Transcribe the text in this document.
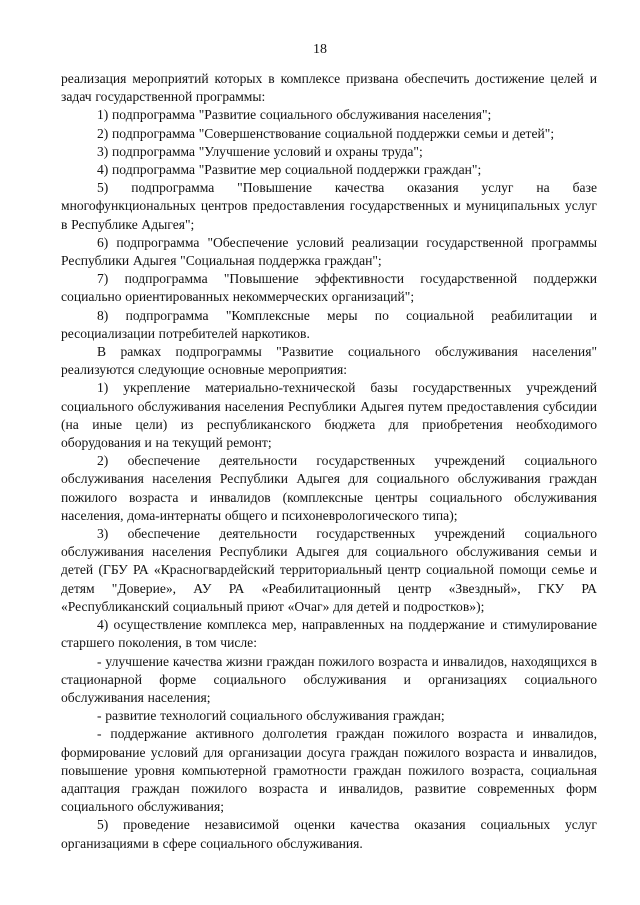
18

реализация мероприятий которых в комплексе призвана обеспечить достижение целей и задач государственной программы:

1) подпрограмма "Развитие социального обслуживания населения";

2) подпрограмма "Совершенствование социальной поддержки семьи и детей";

3) подпрограмма "Улучшение условий и охраны труда";

4) подпрограмма "Развитие мер социальной поддержки граждан";

5) подпрограмма "Повышение качества оказания услуг на базе многофункциональных центров предоставления государственных и муниципальных услуг в Республике Адыгея";

6) подпрограмма "Обеспечение условий реализации государственной программы Республики Адыгея "Социальная поддержка граждан";

7) подпрограмма "Повышение эффективности государственной поддержки социально ориентированных некоммерческих организаций";

8) подпрограмма "Комплексные меры по социальной реабилитации и ресоциализации потребителей наркотиков.

В рамках подпрограммы "Развитие социального обслуживания населения" реализуются следующие основные мероприятия:

1) укрепление материально-технической базы государственных учреждений социального обслуживания населения Республики Адыгея путем предоставления субсидии (на иные цели) из республиканского бюджета для приобретения необходимого оборудования и на текущий ремонт;

2) обеспечение деятельности государственных учреждений социального обслуживания населения Республики Адыгея для социального обслуживания граждан пожилого возраста и инвалидов (комплексные центры социального обслуживания населения, дома-интернаты общего и психоневрологического типа);

3) обеспечение деятельности государственных учреждений социального обслуживания населения Республики Адыгея для социального обслуживания семьи и детей (ГБУ РА «Красногвардейский территориальный центр социальной помощи семье и детям "Доверие», АУ РА «Реабилитационный центр «Звездный», ГКУ РА «Республиканский социальный приют «Очаг» для детей и подростков»);

4) осуществление комплекса мер, направленных на поддержание и стимулирование старшего поколения, в том числе:

- улучшение качества жизни граждан пожилого возраста и инвалидов, находящихся в стационарной форме социального обслуживания и организациях социального обслуживания населения;

- развитие технологий социального обслуживания граждан;

- поддержание активного долголетия граждан пожилого возраста и инвалидов, формирование условий для организации досуга граждан пожилого возраста и инвалидов, повышение уровня компьютерной грамотности граждан пожилого возраста, социальная адаптация граждан пожилого возраста и инвалидов, развитие современных форм социального обслуживания;

5) проведение независимой оценки качества оказания социальных услуг организациями в сфере социального обслуживания.
